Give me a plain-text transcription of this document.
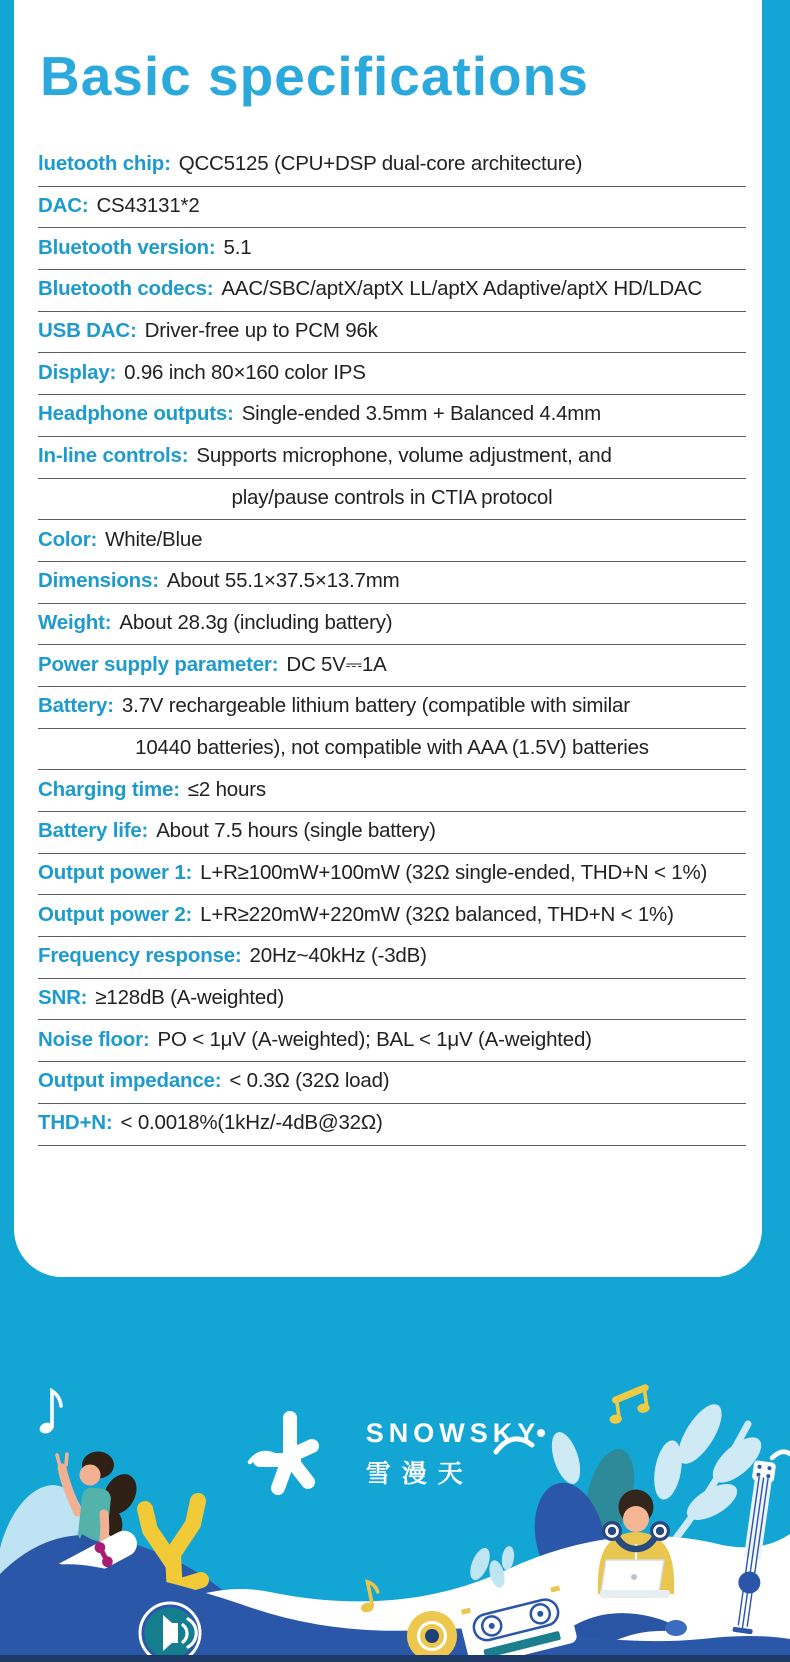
Basic specifications
luetooth chip: QCC5125 (CPU+DSP dual-core architecture)
DAC: CS43131*2
Bluetooth version: 5.1
Bluetooth codecs: AAC/SBC/aptX/aptX LL/aptX Adaptive/aptX HD/LDAC
USB DAC: Driver-free up to PCM 96k
Display: 0.96 inch 80×160 color IPS
Headphone outputs: Single-ended 3.5mm + Balanced 4.4mm
In-line controls: Supports microphone, volume adjustment, and
play/pause controls in CTIA protocol
Color: White/Blue
Dimensions: About 55.1×37.5×13.7mm
Weight: About 28.3g (including battery)
Power supply parameter: DC 5V⎓1A
Battery: 3.7V rechargeable lithium battery (compatible with similar
10440 batteries), not compatible with AAA (1.5V) batteries
Charging time: ≤2 hours
Battery life: About 7.5 hours (single battery)
Output power 1: L+R≥100mW+100mW (32Ω single-ended, THD+N < 1%)
Output power 2: L+R≥220mW+220mW (32Ω balanced, THD+N < 1%)
Frequency response: 20Hz~40kHz (-3dB)
SNR: ≥128dB (A-weighted)
Noise floor: PO < 1μV (A-weighted); BAL < 1μV (A-weighted)
Output impedance: < 0.3Ω (32Ω load)
THD+N: < 0.0018%(1kHz/-4dB@32Ω)
SNOWSKY
雪漫天
